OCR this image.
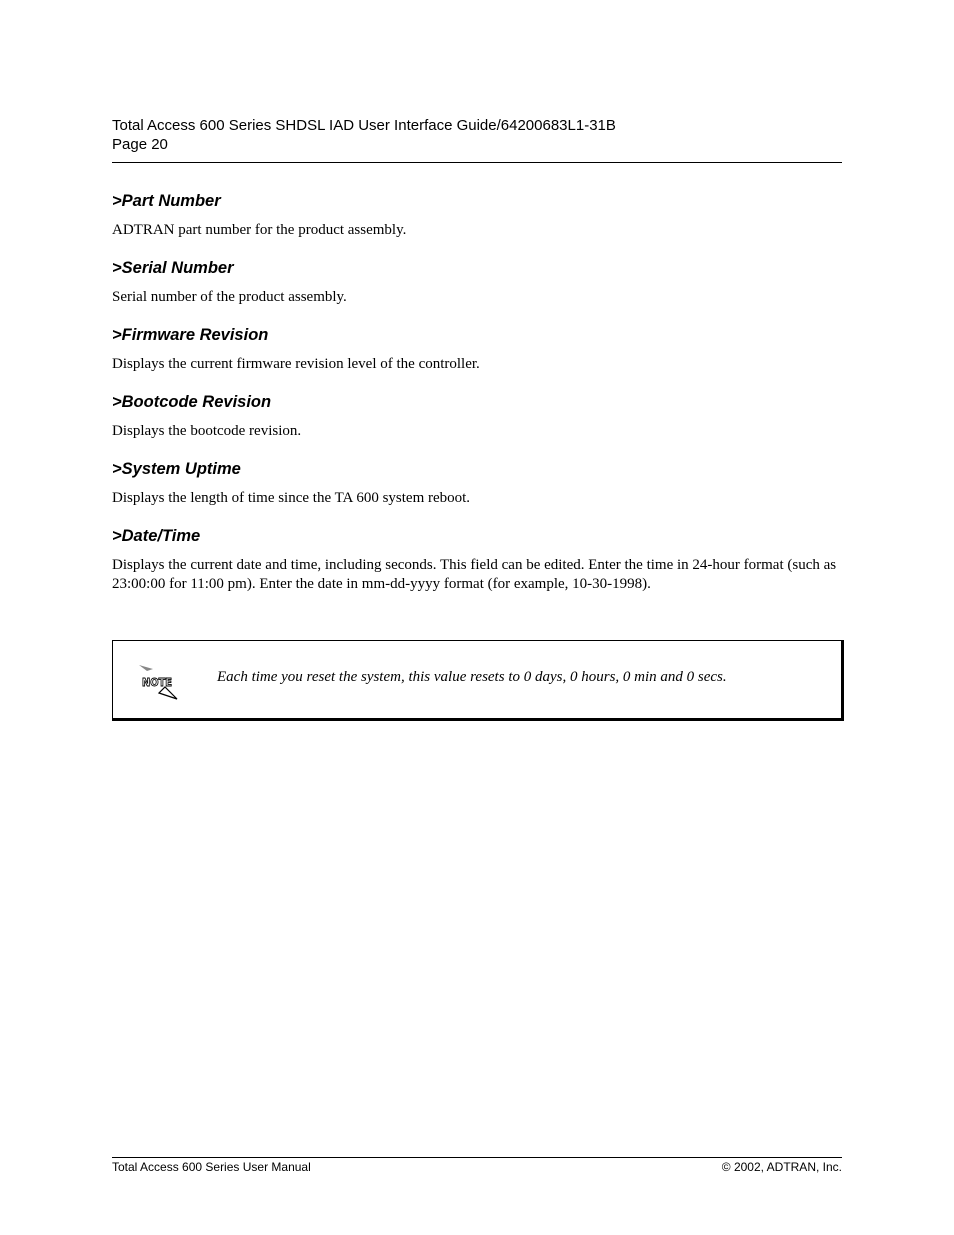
Total Access 600 Series SHDSL IAD User Interface Guide/64200683L1-31B
Page 20
>Part Number

ADTRAN part number for the product assembly.

>Serial Number

Serial number of the product assembly.

>Firmware Revision

Displays the current firmware revision level of the controller.

>Bootcode Revision

Displays the bootcode revision.

>System Uptime

Displays the length of time since the TA 600 system reboot.

>Date/Time

Displays the current date and time, including seconds. This field can be edited. Enter the time in 24-hour format (such as 23:00:00 for 11:00 pm). Enter the date in mm-dd-yyyy format (for example, 10-30-1998).

NOTE	Each time you reset the system, this value resets to 0 days, 0 hours, 0 min and 0 secs.
Total Access 600 Series User Manual	© 2002, ADTRAN, Inc.
